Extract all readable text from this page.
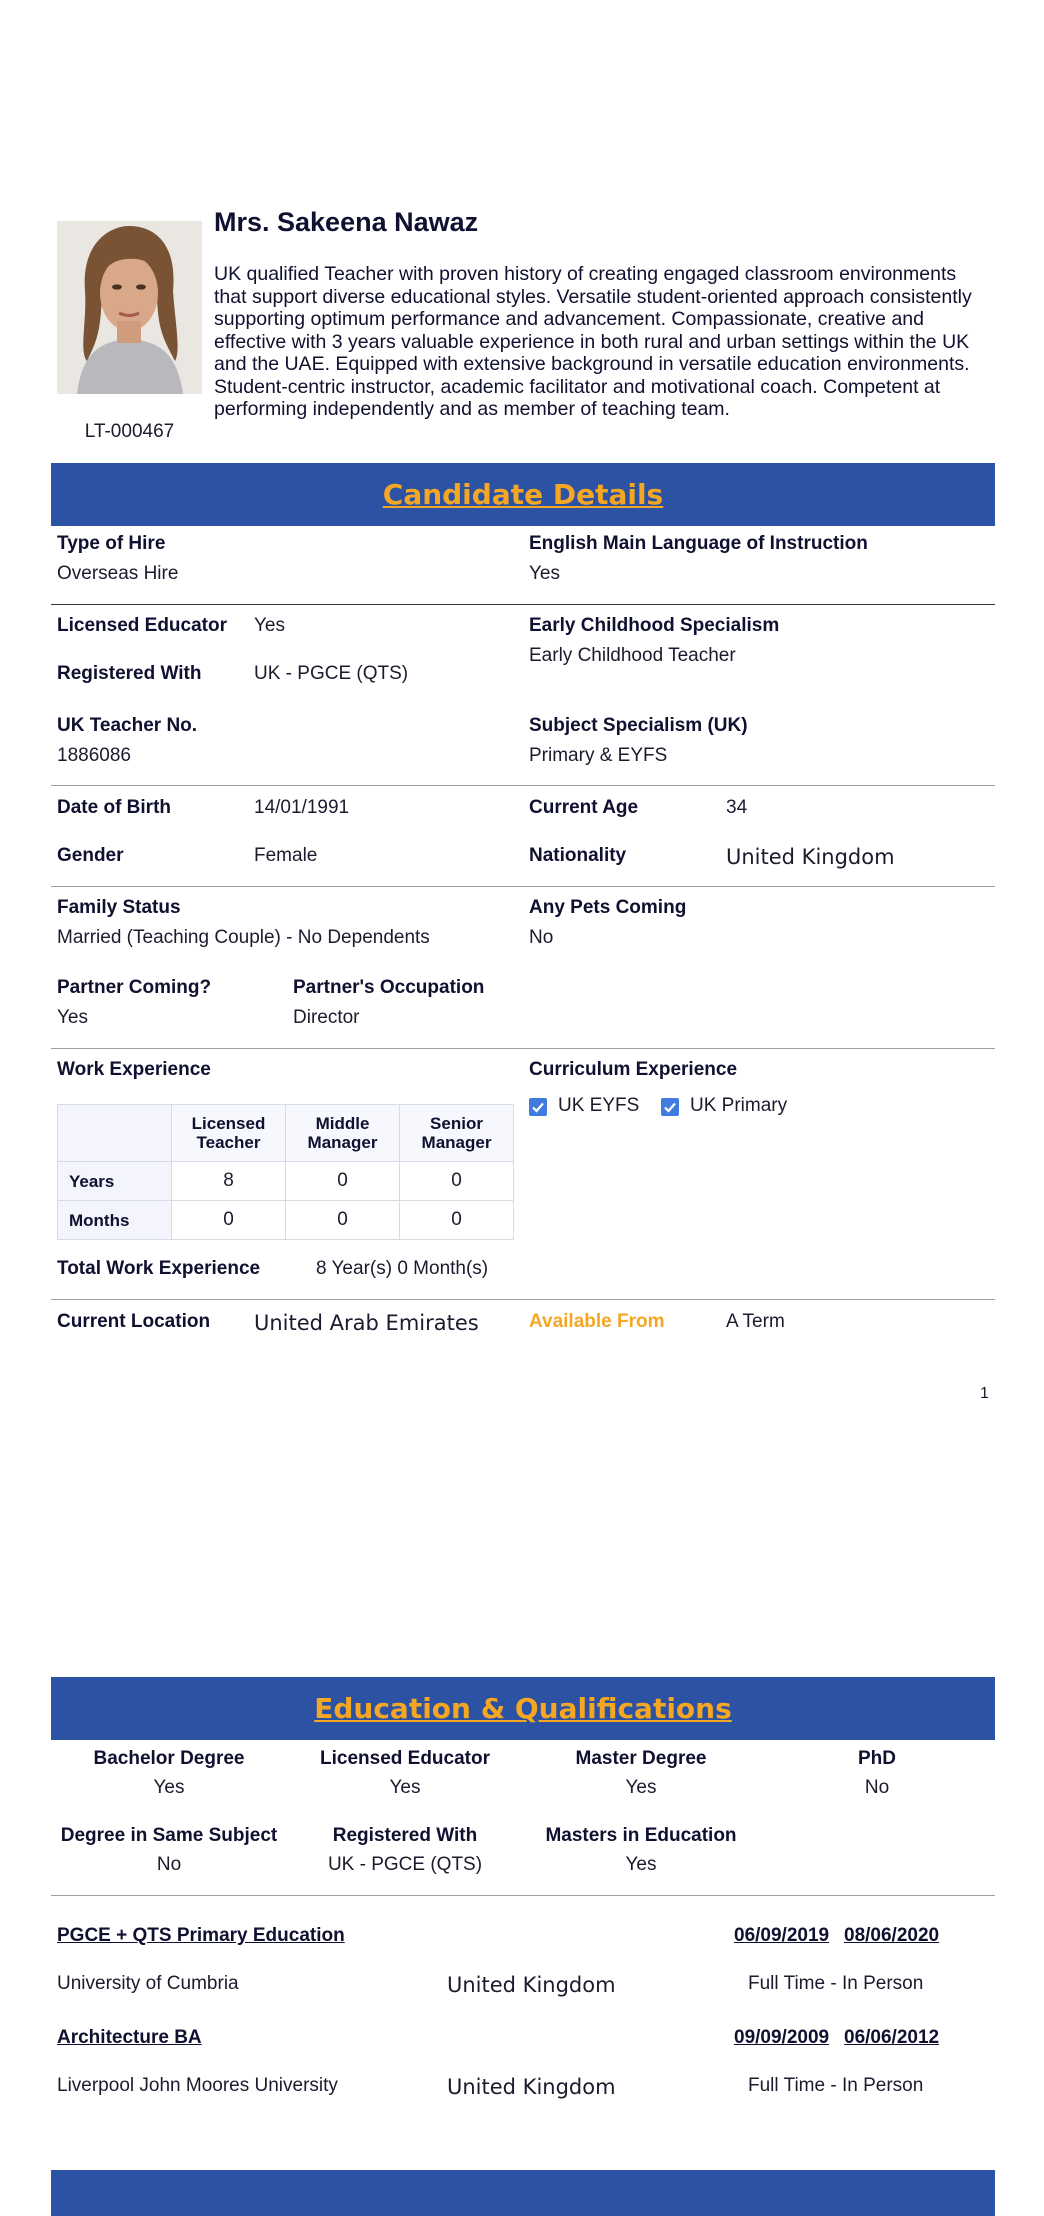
Mrs. Sakeena Nawaz
UK qualified Teacher with proven history of creating engaged classroom environments that support diverse educational styles. Versatile student-oriented approach consistently supporting optimum performance and advancement. Compassionate, creative and effective with 3 years valuable experience in both rural and urban settings within the UK and the UAE. Equipped with extensive background in versatile education environments. Student-centric instructor, academic facilitator and motivational coach. Competent at performing independently and as member of teaching team.
LT-000467
Candidate Details
Type of Hire
Overseas Hire
English Main Language of Instruction
Yes
Licensed Educator Yes
Registered With	UK - PGCE (QTS)
Early Childhood Specialism
Early Childhood Teacher
UK Teacher No.
1886086
Subject Specialism (UK)
Primary & EYFS
Date of Birth	14/01/1991	Current Age	34
Gender	Female	Nationality	United Kingdom
Family Status
Married (Teaching Couple) - No Dependents
Any Pets Coming
No
Partner Coming?
Yes
Partner's Occupation
Director
Work Experience	Curriculum Experience
UK EYFS	UK Primary
	Licensed Teacher	Middle Manager	Senior Manager
Years	8	0	0
Months	0	0	0
Total Work Experience	8 Year(s) 0 Month(s)
Current Location United Arab Emirates	Available From	A Term
1
Education & Qualifications
Bachelor Degree
Yes
Licensed Educator
Yes
Master Degree
Yes
PhD
No
Degree in Same Subject
No
Registered With
UK - PGCE (QTS)
Masters in Education
Yes
PGCE + QTS Primary Education	06/09/2019 08/06/2020
University of Cumbria	United Kingdom	Full Time - In Person
Architecture BA	09/09/2009 06/06/2012
Liverpool John Moores University	United Kingdom	Full Time - In Person
